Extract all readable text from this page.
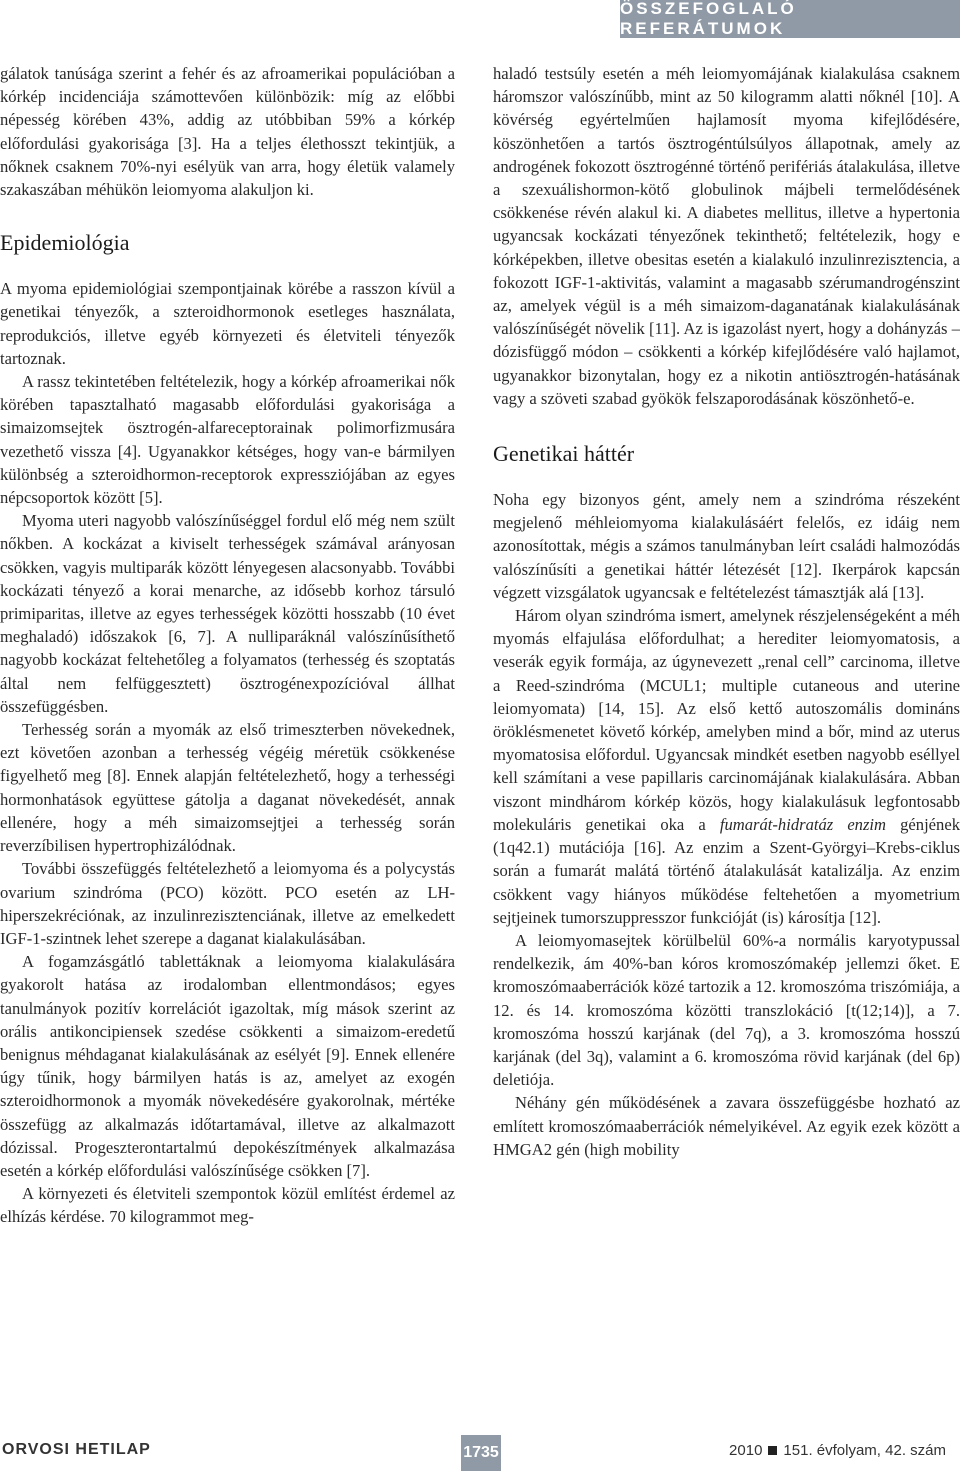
ÖSSZEFOGLALÓ REFERÁTUMOK

gálatok tanúsága szerint a fehér és az afroamerikai populációban a kórkép incidenciája számottevően különbözik: míg az előbbi népesség körében 43%, addig az utóbbiban 59% a kórkép előfordulási gyakorisága [3]. Ha a teljes élethosszt tekintjük, a nőknek csaknem 70%-nyi esélyük van arra, hogy életük valamely szakaszában méhükön leiomyoma alakuljon ki.

Epidemiológia

A myoma epidemiológiai szempontjainak körébe a rasszon kívül a genetikai tényezők, a szteroidhormonok esetleges használata, reprodukciós, illetve egyéb környezeti és életviteli tényezők tartoznak.

A rassz tekintetében feltételezik, hogy a kórkép afroamerikai nők körében tapasztalható magasabb előfordulási gyakorisága a simaizomsejtek ösztrogén-alfareceptorainak polimorfizmusára vezethető vissza [4]. Ugyanakkor kétséges, hogy van-e bármilyen különbség a szteroidhormon-receptorok expressziójában az egyes népcsoportok között [5].

Myoma uteri nagyobb valószínűséggel fordul elő még nem szült nőkben. A kockázat a kiviselt terhességek számával arányosan csökken, vagyis multiparák között lényegesen alacsonyabb. További kockázati tényező a korai menarche, az idősebb korhoz társuló primiparitas, illetve az egyes terhességek közötti hosszabb (10 évet meghaladó) időszakok [6, 7]. A nulliparáknál valószínűsíthető nagyobb kockázat feltehetőleg a folyamatos (terhesség és szoptatás által nem felfüggesztett) ösztrogénexpozícióval állhat összefüggésben.

Terhesség során a myomák az első trimeszterben növekednek, ezt követően azonban a terhesség végéig méretük csökkenése figyelhető meg [8]. Ennek alapján feltételezhető, hogy a terhességi hormonhatások együttese gátolja a daganat növekedését, annak ellenére, hogy a méh simaizomsejtjei a terhesség során reverzíbilisen hypertrophizálódnak.

További összefüggés feltételezhető a leiomyoma és a polycystás ovarium szindróma (PCO) között. PCO esetén az LH-hiperszekréciónak, az inzulinrezisztenciának, illetve az emelkedett IGF-1-szintnek lehet szerepe a daganat kialakulásában.

A fogamzásgátló tablettáknak a leiomyoma kialakulására gyakorolt hatása az irodalomban ellentmondásos; egyes tanulmányok pozitív korrelációt igazoltak, míg mások szerint az orális antikoncipiensek szedése csökkenti a simaizom-eredetű benignus méhdaganat kialakulásának az esélyét [9]. Ennek ellenére úgy tűnik, hogy bármilyen hatás is az, amelyet az exogén szteroidhormonok a myomák növekedésére gyakorolnak, mértéke összefügg az alkalmazás időtartamával, illetve az alkalmazott dózissal. Progeszterontartalmú depokészítmények alkalmazása esetén a kórkép előfordulási valószínűsége csökken [7].

A környezeti és életviteli szempontok közül említést érdemel az elhízás kérdése. 70 kilogrammot meg-

haladó testsúly esetén a méh leiomyomájának kialakulása csaknem háromszor valószínűbb, mint az 50 kilogramm alatti nőknél [10]. A kövérség egyértelműen hajlamosít myoma kifejlődésére, köszönhetően a tartós ösztrogéntúlsúlyos állapotnak, amely az androgének fokozott ösztrogénné történő perifériás átalakulása, illetve a szexuálishormon-kötő globulinok májbeli termelődésének csökkenése révén alakul ki. A diabetes mellitus, illetve a hypertonia ugyancsak kockázati tényezőnek tekinthető; feltételezik, hogy e kórképekben, illetve obesitas esetén a kialakuló inzulinrezisztencia, a fokozott IGF-1-aktivitás, valamint a magasabb szérumandrogénszint az, amelyek végül is a méh simaizom-daganatának kialakulásának valószínűségét növelik [11]. Az is igazolást nyert, hogy a dohányzás – dózisfüggő módon – csökkenti a kórkép kifejlődésére való hajlamot, ugyanakkor bizonytalan, hogy ez a nikotin antiösztrogén-hatásának vagy a szöveti szabad gyökök felszaporodásának köszönhető-e.

Genetikai háttér

Noha egy bizonyos gént, amely nem a szindróma részeként megjelenő méhleiomyoma kialakulásáért felelős, ez idáig nem azonosítottak, mégis a számos tanulmányban leírt családi halmozódás valószínűsíti a genetikai háttér létezését [12]. Ikerpárok kapcsán végzett vizsgálatok ugyancsak e feltételezést támasztják alá [13].

Három olyan szindróma ismert, amelynek részjelenségeként a méh myomás elfajulása előfordulhat; a herediter leiomyomatosis, a veserák egyik formája, az úgynevezett „renal cell” carcinoma, illetve a Reed-szindróma (MCUL1; multiple cutaneous and uterine leiomyomata) [14, 15]. Az első kettő autoszomális domináns öröklésmenetet követő kórkép, amelyben mind a bőr, mind az uterus myomatosisa előfordul. Ugyancsak mindkét esetben nagyobb eséllyel kell számítani a vese papillaris carcinomájának kialakulására. Abban viszont mindhárom kórkép közös, hogy kialakulásuk legfontosabb molekuláris genetikai oka a fumarát-hidratáz enzim génjének (1q42.1) mutációja [16]. Az enzim a Szent-Györgyi–Krebs-ciklus során a fumarát malátá történő átalakulását katalizálja. Az enzim csökkent vagy hiányos működése feltehetően a myometrium sejtjeinek tumorszuppresszor funkcióját (is) károsítja [12].

A leiomyomasejtek körülbelül 60%-a normális karyotypussal rendelkezik, ám 40%-ban kóros kromoszómakép jellemzi őket. E kromoszómaaberrációk közé tartozik a 12. kromoszóma triszómiája, a 12. és 14. kromoszóma közötti transzlokáció [t(12;14)], a 7. kromoszóma hosszú karjának (del 7q), a 3. kromoszóma hosszú karjának (del 3q), valamint a 6. kromoszóma rövid karjának (del 6p) deletiója.

Néhány gén működésének a zavara összefüggésbe hozható az említett kromoszómaaberrációk némelyikével. Az egyik ezek között a HMGA2 gén (high mobility

ORVOSI HETILAP	1735	2010 151. évfolyam, 42. szám
